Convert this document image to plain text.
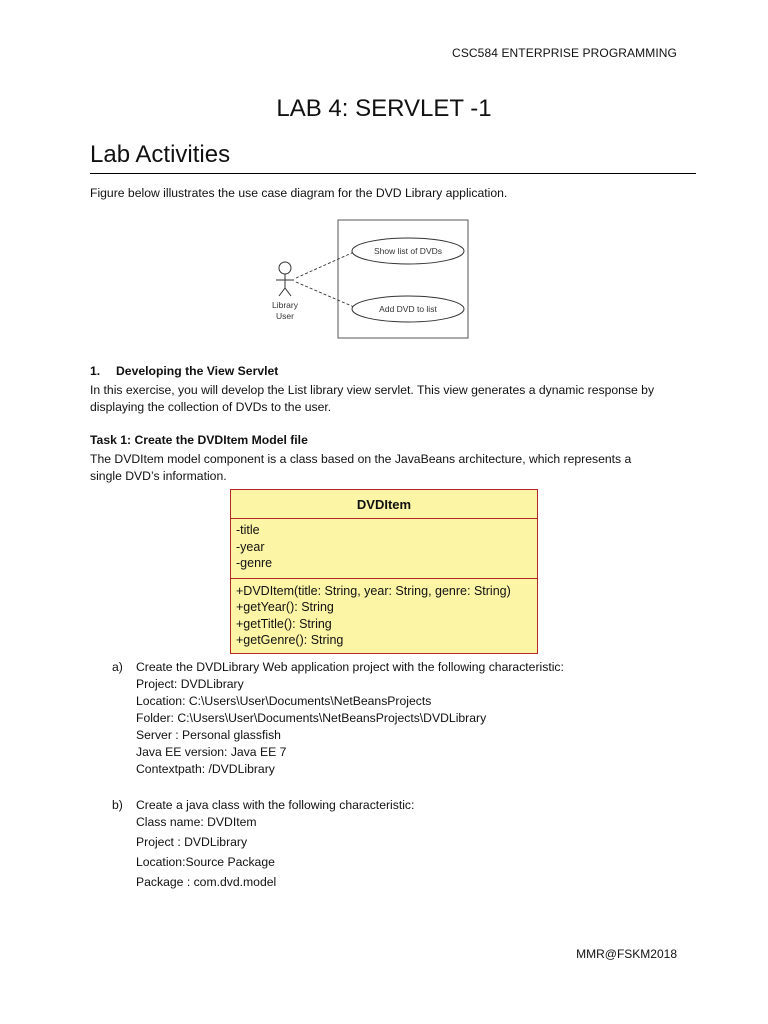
CSC584 ENTERPRISE PROGRAMMING
LAB 4: SERVLET -1
Lab Activities
Figure below illustrates the use case diagram for the DVD Library application.
Library
User
Show list of DVDs
Add DVD to list
1. Developing the View Servlet
In this exercise, you will develop the List library view servlet. This view generates a dynamic response by
displaying the collection of DVDs to the user.
Task 1: Create the DVDItem Model file
The DVDItem model component is a class based on the JavaBeans architecture, which represents a
single DVD’s information.
DVDItem
-title
-year
-genre
+DVDItem(title: String, year: String, genre: String)
+getYear(): String
+getTitle(): String
+getGenre(): String
a) Create the DVDLibrary Web application project with the following characteristic:
Project: DVDLibrary
Location: C:\Users\User\Documents\NetBeansProjects
Folder: C:\Users\User\Documents\NetBeansProjects\DVDLibrary
Server : Personal glassfish
Java EE version: Java EE 7
Contextpath: /DVDLibrary
b) Create a java class with the following characteristic:
Class name: DVDItem
Project : DVDLibrary
Location:Source Package
Package : com.dvd.model
MMR@FSKM2018
